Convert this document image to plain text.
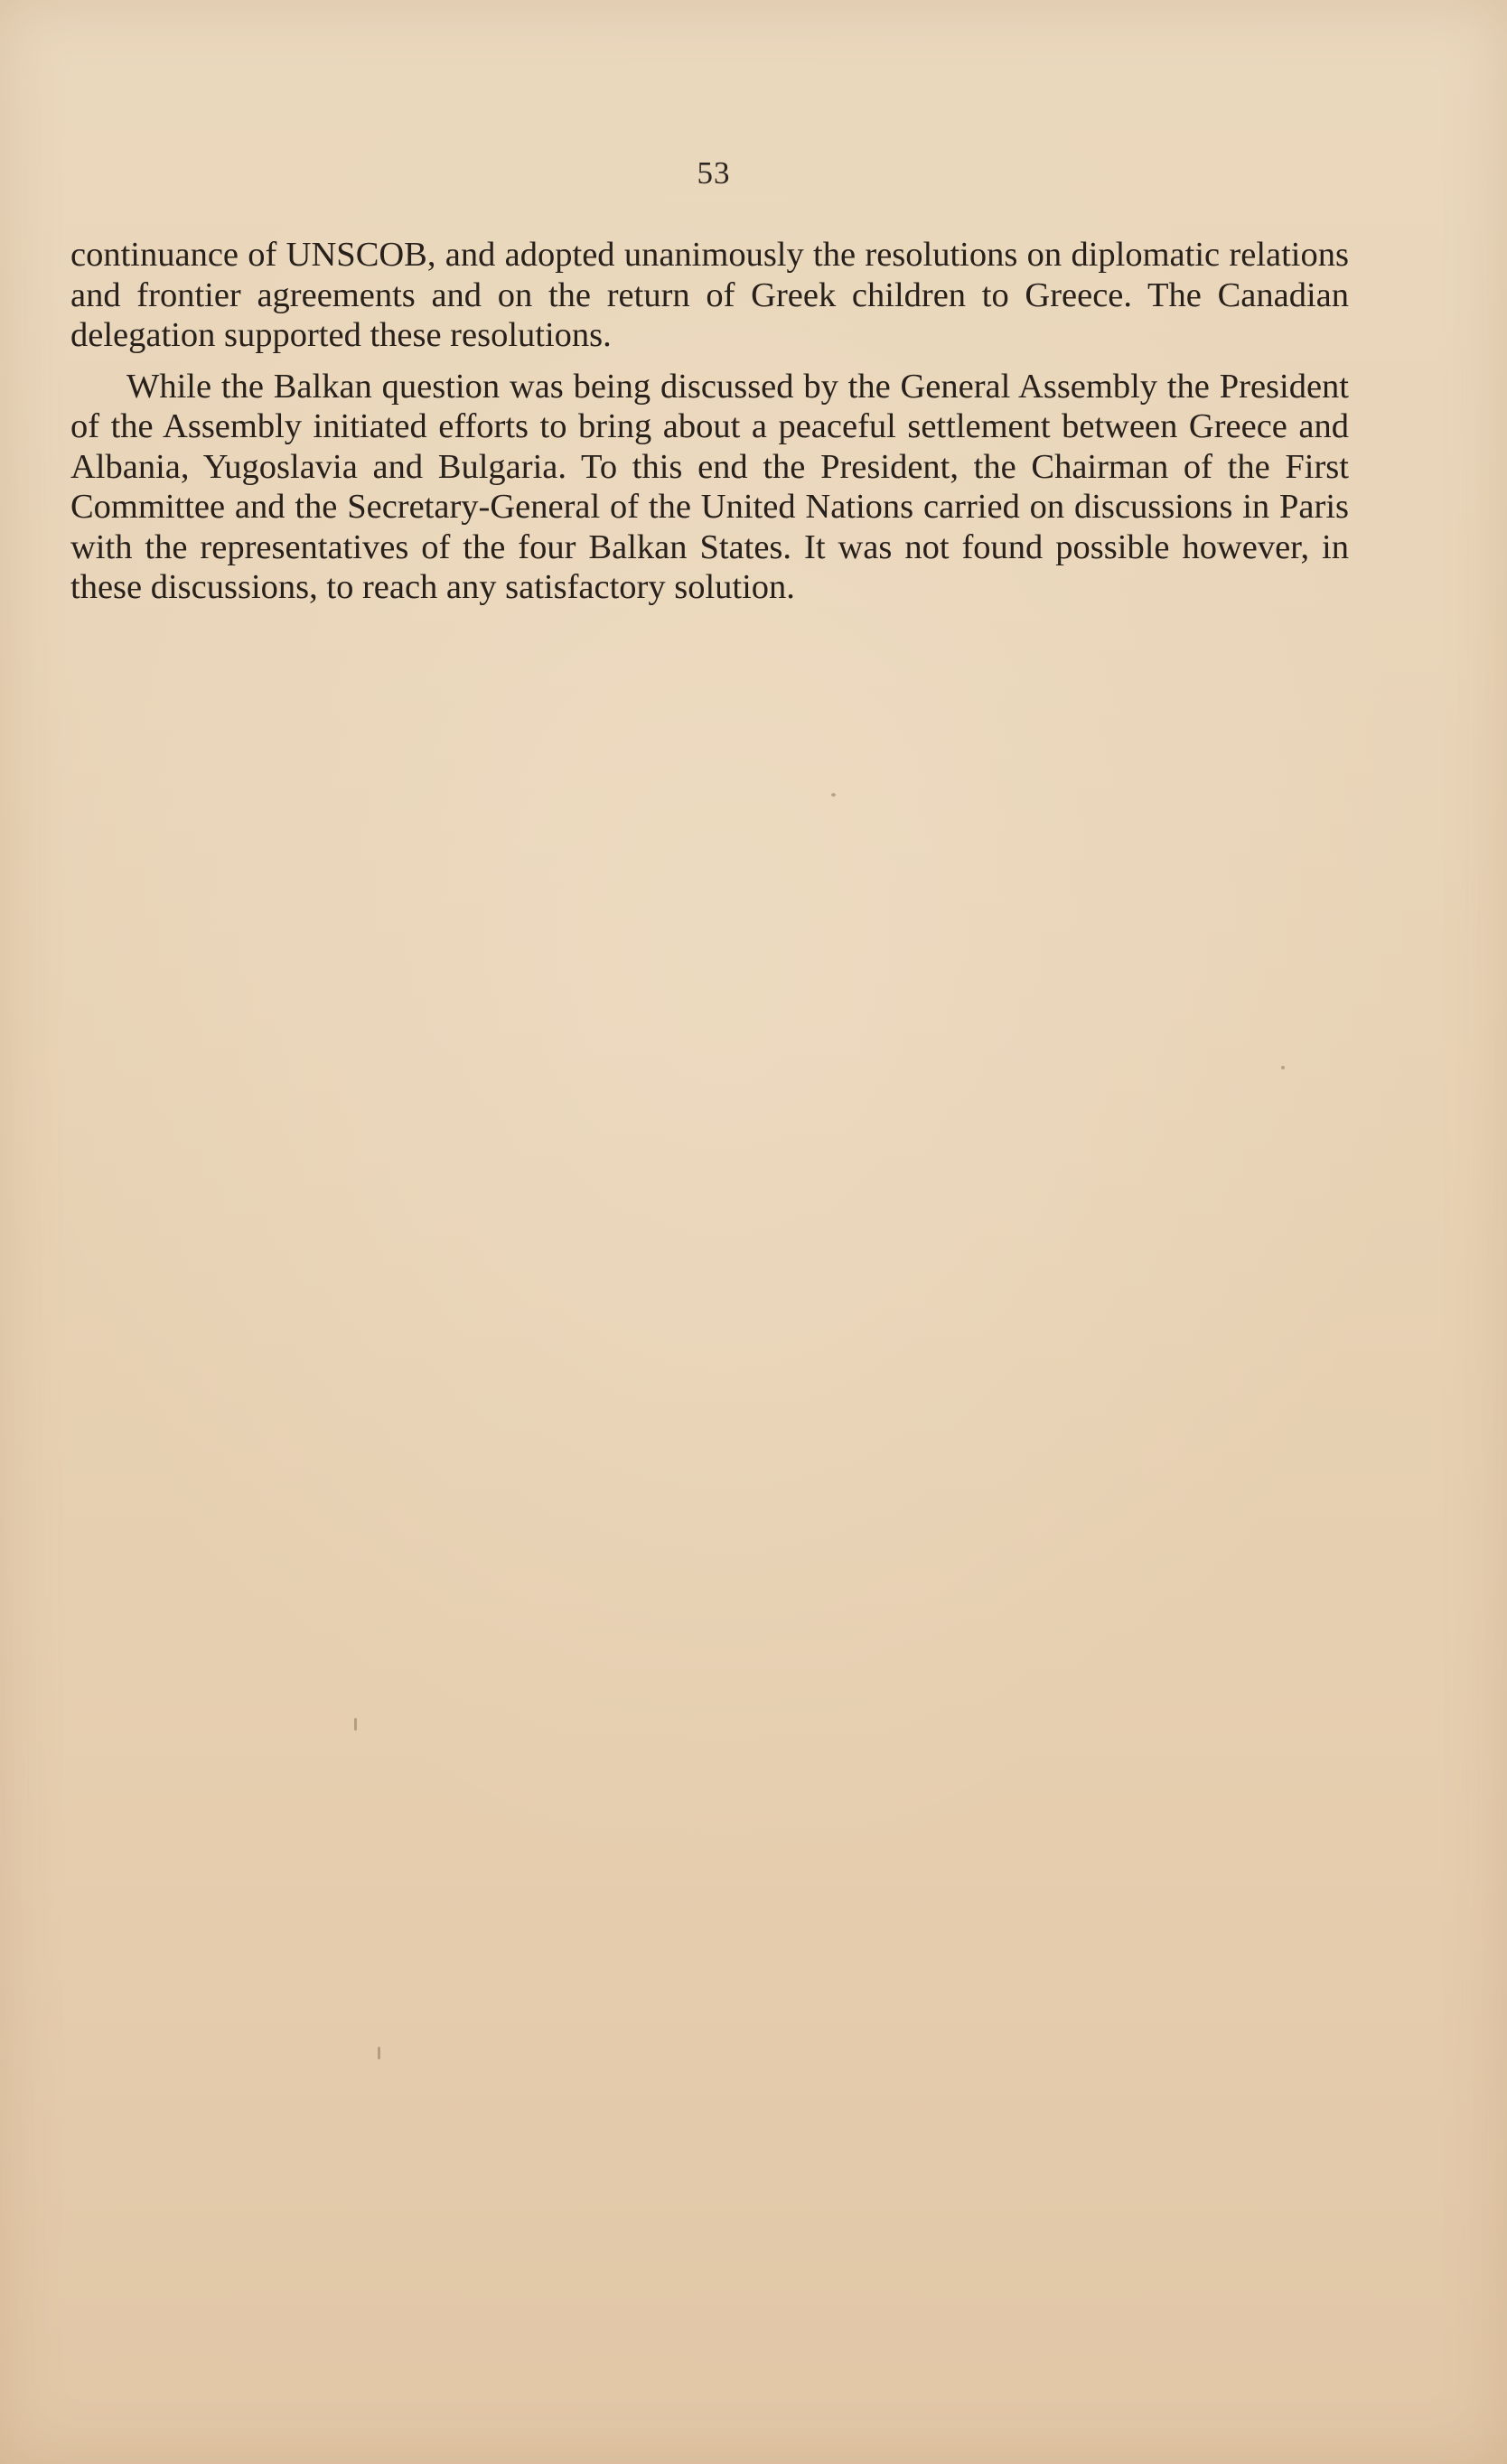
53

continuance of UNSCOB, and adopted unanimously the resolutions on diplomatic relations and frontier agreements and on the return of Greek children to Greece. The Canadian delegation supported these resolutions.

While the Balkan question was being discussed by the General Assembly the President of the Assembly initiated efforts to bring about a peaceful settlement between Greece and Albania, Yugoslavia and Bulgaria. To this end the President, the Chairman of the First Committee and the Secretary-General of the United Nations carried on discussions in Paris with the representatives of the four Balkan States. It was not found possible however, in these discussions, to reach any satisfactory solution.
